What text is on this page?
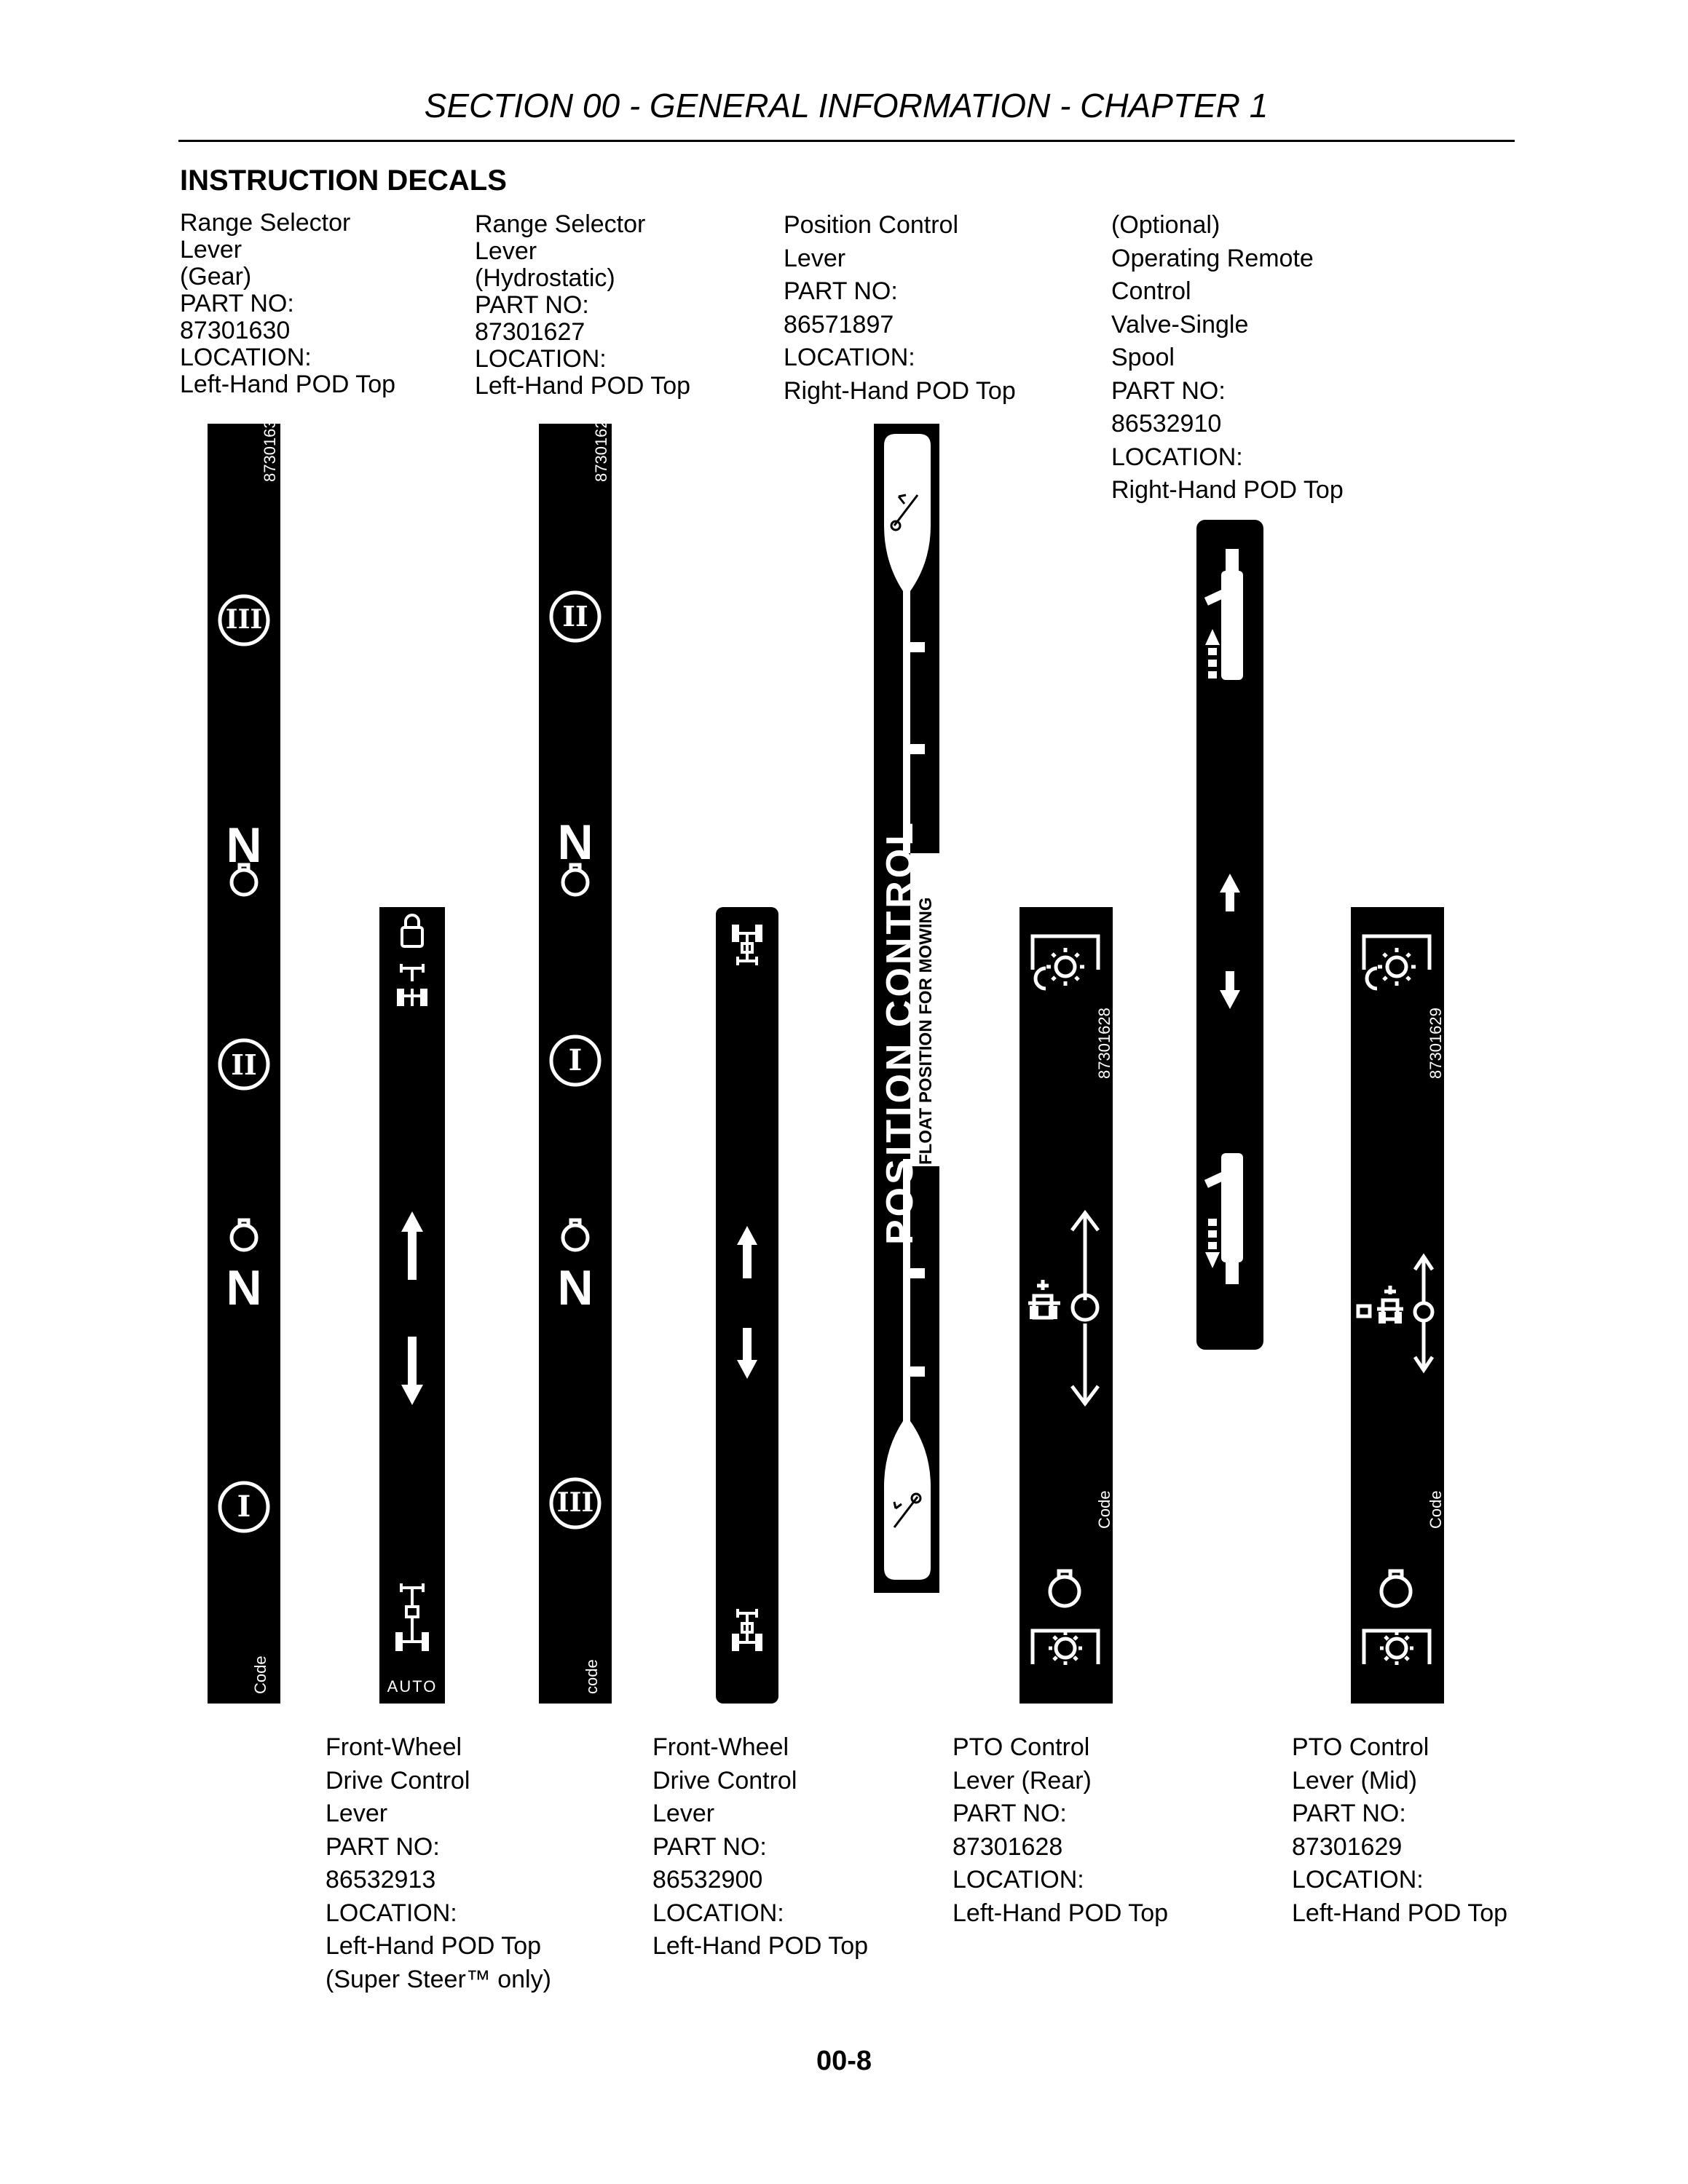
SECTION 00 - GENERAL INFORMATION - CHAPTER 1
INSTRUCTION DECALS
Range Selector
Lever
(Gear)
PART NO:
87301630
LOCATION:
Left-Hand POD Top
Range Selector
Lever
(Hydrostatic)
PART NO:
87301627
LOCATION:
Left-Hand POD Top
Position Control
Lever
PART NO:
86571897
LOCATION:
Right-Hand POD Top
(Optional)
Operating Remote
Control
Valve-Single
Spool
PART NO:
86532910
LOCATION:
Right-Hand POD Top
8730163
III
N
II
N
I
Code	AUTO
8730162
II
N
I
N
III
code
POSITION CONTROL
FLOAT POSITION FOR MOWING	87301628
Code
87301629
Code
Front-Wheel
Drive Control
Lever
PART NO:
86532913
LOCATION:
Left-Hand POD Top
(Super Steer™ only)
Front-Wheel
Drive Control
Lever
PART NO:
86532900
LOCATION:
Left-Hand POD Top
PTO Control
Lever (Rear)
PART NO:
87301628
LOCATION:
Left-Hand POD Top
PTO Control
Lever (Mid)
PART NO:
87301629
LOCATION:
Left-Hand POD Top
00-8
